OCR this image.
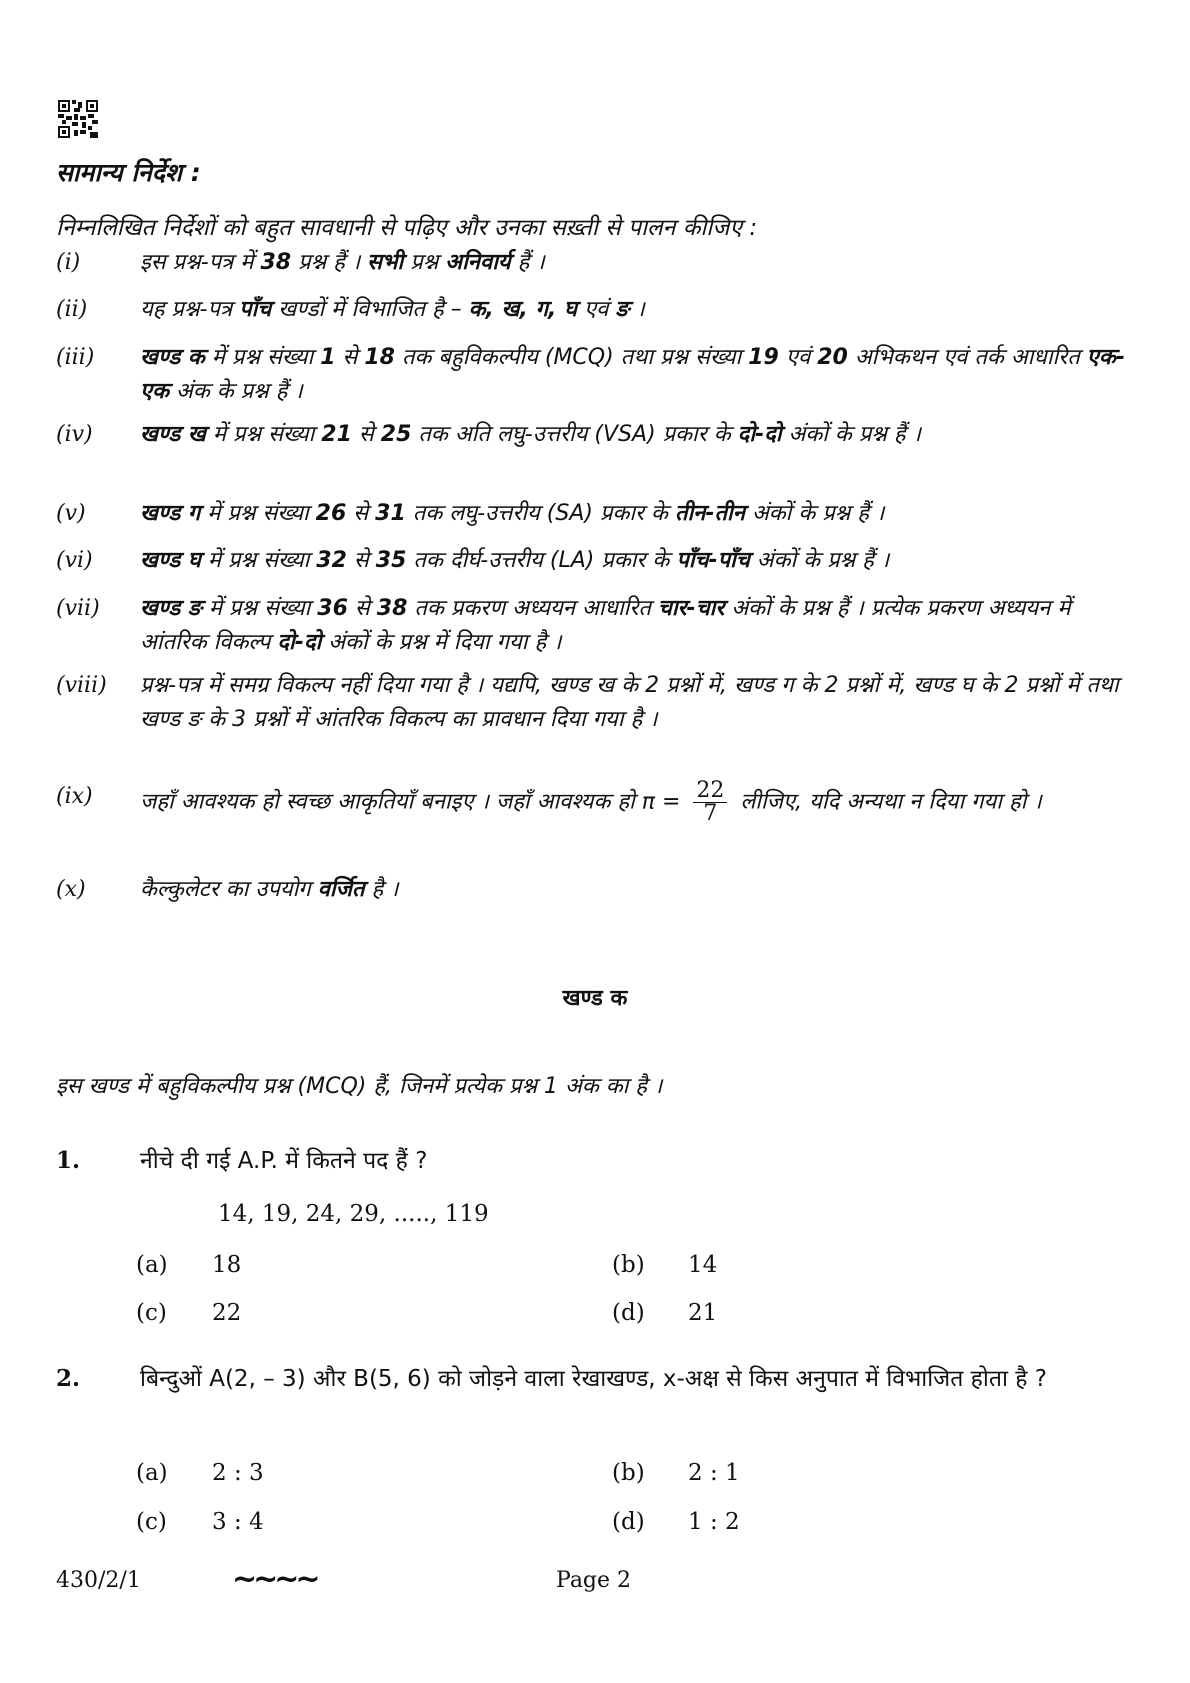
सामान्य निर्देश :
निम्नलिखित निर्देशों को बहुत सावधानी से पढ़िए और उनका सख़्ती से पालन कीजिए :
(i)	इस प्रश्न-पत्र में 38 प्रश्न हैं । सभी प्रश्न अनिवार्य हैं ।
(ii) यह प्रश्न-पत्र पाँच खण्डों में विभाजित है – क, ख, ग, घ एवं ङ ।
(iii) खण्ड क में प्रश्न संख्या 1 से 18 तक बहुविकल्पीय (MCQ) तथा प्रश्न संख्या 19 एवं 20 अभिकथन एवं तर्क आधारित एक-एक अंक के प्रश्न हैं ।
(iv) खण्ड ख में प्रश्न संख्या 21 से 25 तक अति लघु-उत्तरीय (VSA) प्रकार के दो-दो अंकों के प्रश्न हैं ।
(v) खण्ड ग में प्रश्न संख्या 26 से 31 तक लघु-उत्तरीय (SA) प्रकार के तीन-तीन अंकों के प्रश्न हैं ।
(vi) खण्ड घ में प्रश्न संख्या 32 से 35 तक दीर्घ-उत्तरीय (LA) प्रकार के पाँच-पाँच अंकों के प्रश्न हैं ।
(vii) खण्ड ङ में प्रश्न संख्या 36 से 38 तक प्रकरण अध्ययन आधारित चार-चार अंकों के प्रश्न हैं । प्रत्येक प्रकरण अध्ययन में आंतरिक विकल्प दो-दो अंकों के प्रश्न में दिया गया है ।
(viii) प्रश्न-पत्र में समग्र विकल्प नहीं दिया गया है । यद्यपि, खण्ड ख के 2 प्रश्नों में, खण्ड ग के 2 प्रश्नों में, खण्ड घ के 2 प्रश्नों में तथा खण्ड ङ के 3 प्रश्नों में आंतरिक विकल्प का प्रावधान दिया गया है ।
(ix) जहाँ आवश्यक हो स्वच्छ आकृतियाँ बनाइए । जहाँ आवश्यक हो $\pi = \frac{22}{7}$ लीजिए, यदि अन्यथा न दिया गया हो ।
(x) कैल्कुलेटर का उपयोग वर्जित है ।
खण्ड क
इस खण्ड में बहुविकल्पीय प्रश्न (MCQ) हैं, जिनमें प्रत्येक प्रश्न 1 अंक का है ।
1.	नीचे दी गई A.P. में कितने पद हैं ?
14, 19, 24, 29, ....., 119
(a) 18	(b) 14
(c) 22	(d) 21
2.	बिन्दुओं A(2, – 3) और B(5, 6) को जोड़ने वाला रेखाखण्ड, x-अक्ष से किस अनुपात में विभाजित होता है ?
(a) 2 : 3	(b) 2 : 1
(c) 3 : 4	(d) 1 : 2
430/2/1	~~~~	Page 2
